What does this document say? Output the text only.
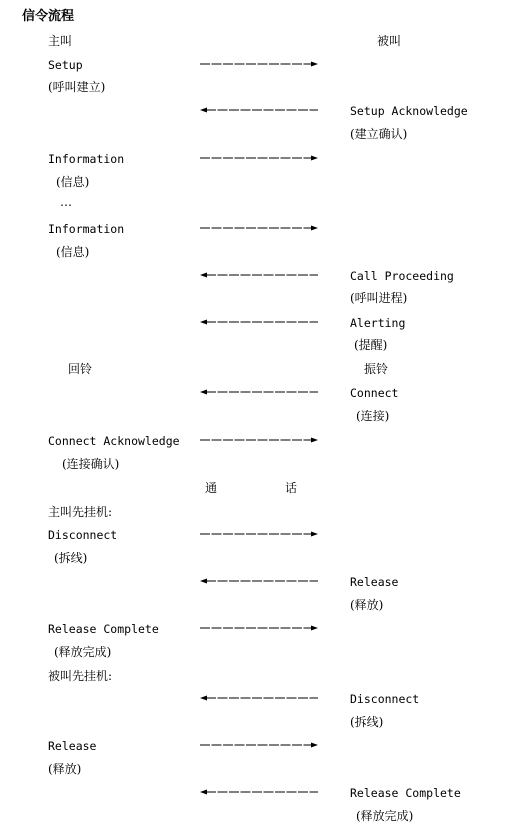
信令流程
主叫	被叫
Setup
(呼叫建立)
Setup Acknowledge
(建立确认)
Information
(信息)
…
Information
(信息)
Call Proceeding
(呼叫进程)
Alerting
(提醒)
回铃	振铃
Connect
(连接)
Connect Acknowledge
(连接确认)
通	话
主叫先挂机:
Disconnect
(拆线)
Release
(释放)
Release Complete
(释放完成)
被叫先挂机:
Disconnect
(拆线)
Release
(释放)
Release Complete
(释放完成)
